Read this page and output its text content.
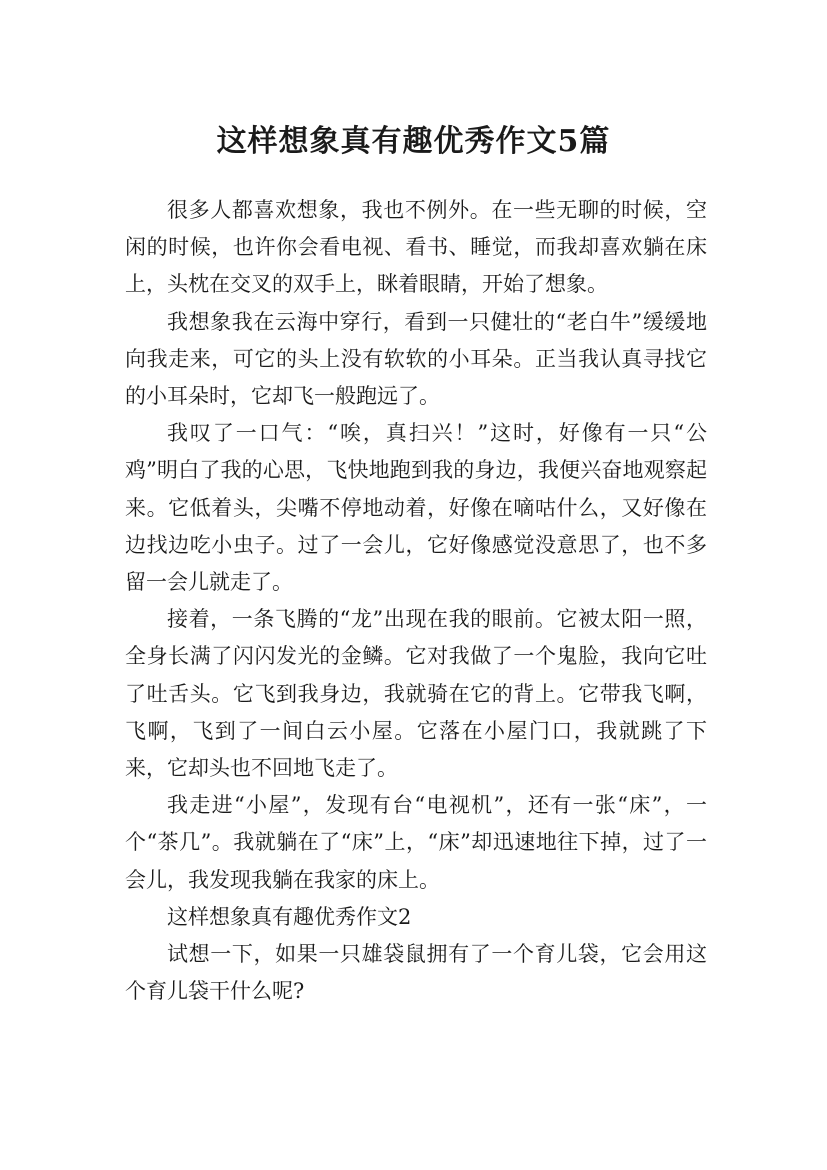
这样想象真有趣优秀作文5篇

很多人都喜欢想象，我也不例外。在一些无聊的时候，空闲的时候，也许你会看电视、看书、睡觉，而我却喜欢躺在床上，头枕在交叉的双手上，眯着眼睛，开始了想象。

我想象我在云海中穿行，看到一只健壮的“老白牛”缓缓地向我走来，可它的头上没有软软的小耳朵。正当我认真寻找它的小耳朵时，它却飞一般跑远了。

我叹了一口气：“唉，真扫兴！”这时，好像有一只“公鸡”明白了我的心思，飞快地跑到我的身边，我便兴奋地观察起来。它低着头，尖嘴不停地动着，好像在嘀咕什么，又好像在边找边吃小虫子。过了一会儿，它好像感觉没意思了，也不多留一会儿就走了。

接着，一条飞腾的“龙”出现在我的眼前。它被太阳一照，全身长满了闪闪发光的金鳞。它对我做了一个鬼脸，我向它吐了吐舌头。它飞到我身边，我就骑在它的背上。它带我飞啊，飞啊，飞到了一间白云小屋。它落在小屋门口，我就跳了下来，它却头也不回地飞走了。

我走进“小屋”，发现有台“电视机”，还有一张“床”，一个“茶几”。我就躺在了“床”上，“床”却迅速地往下掉，过了一会儿，我发现我躺在我家的床上。

这样想象真有趣优秀作文2

试想一下，如果一只雄袋鼠拥有了一个育儿袋，它会用这个育儿袋干什么呢?
